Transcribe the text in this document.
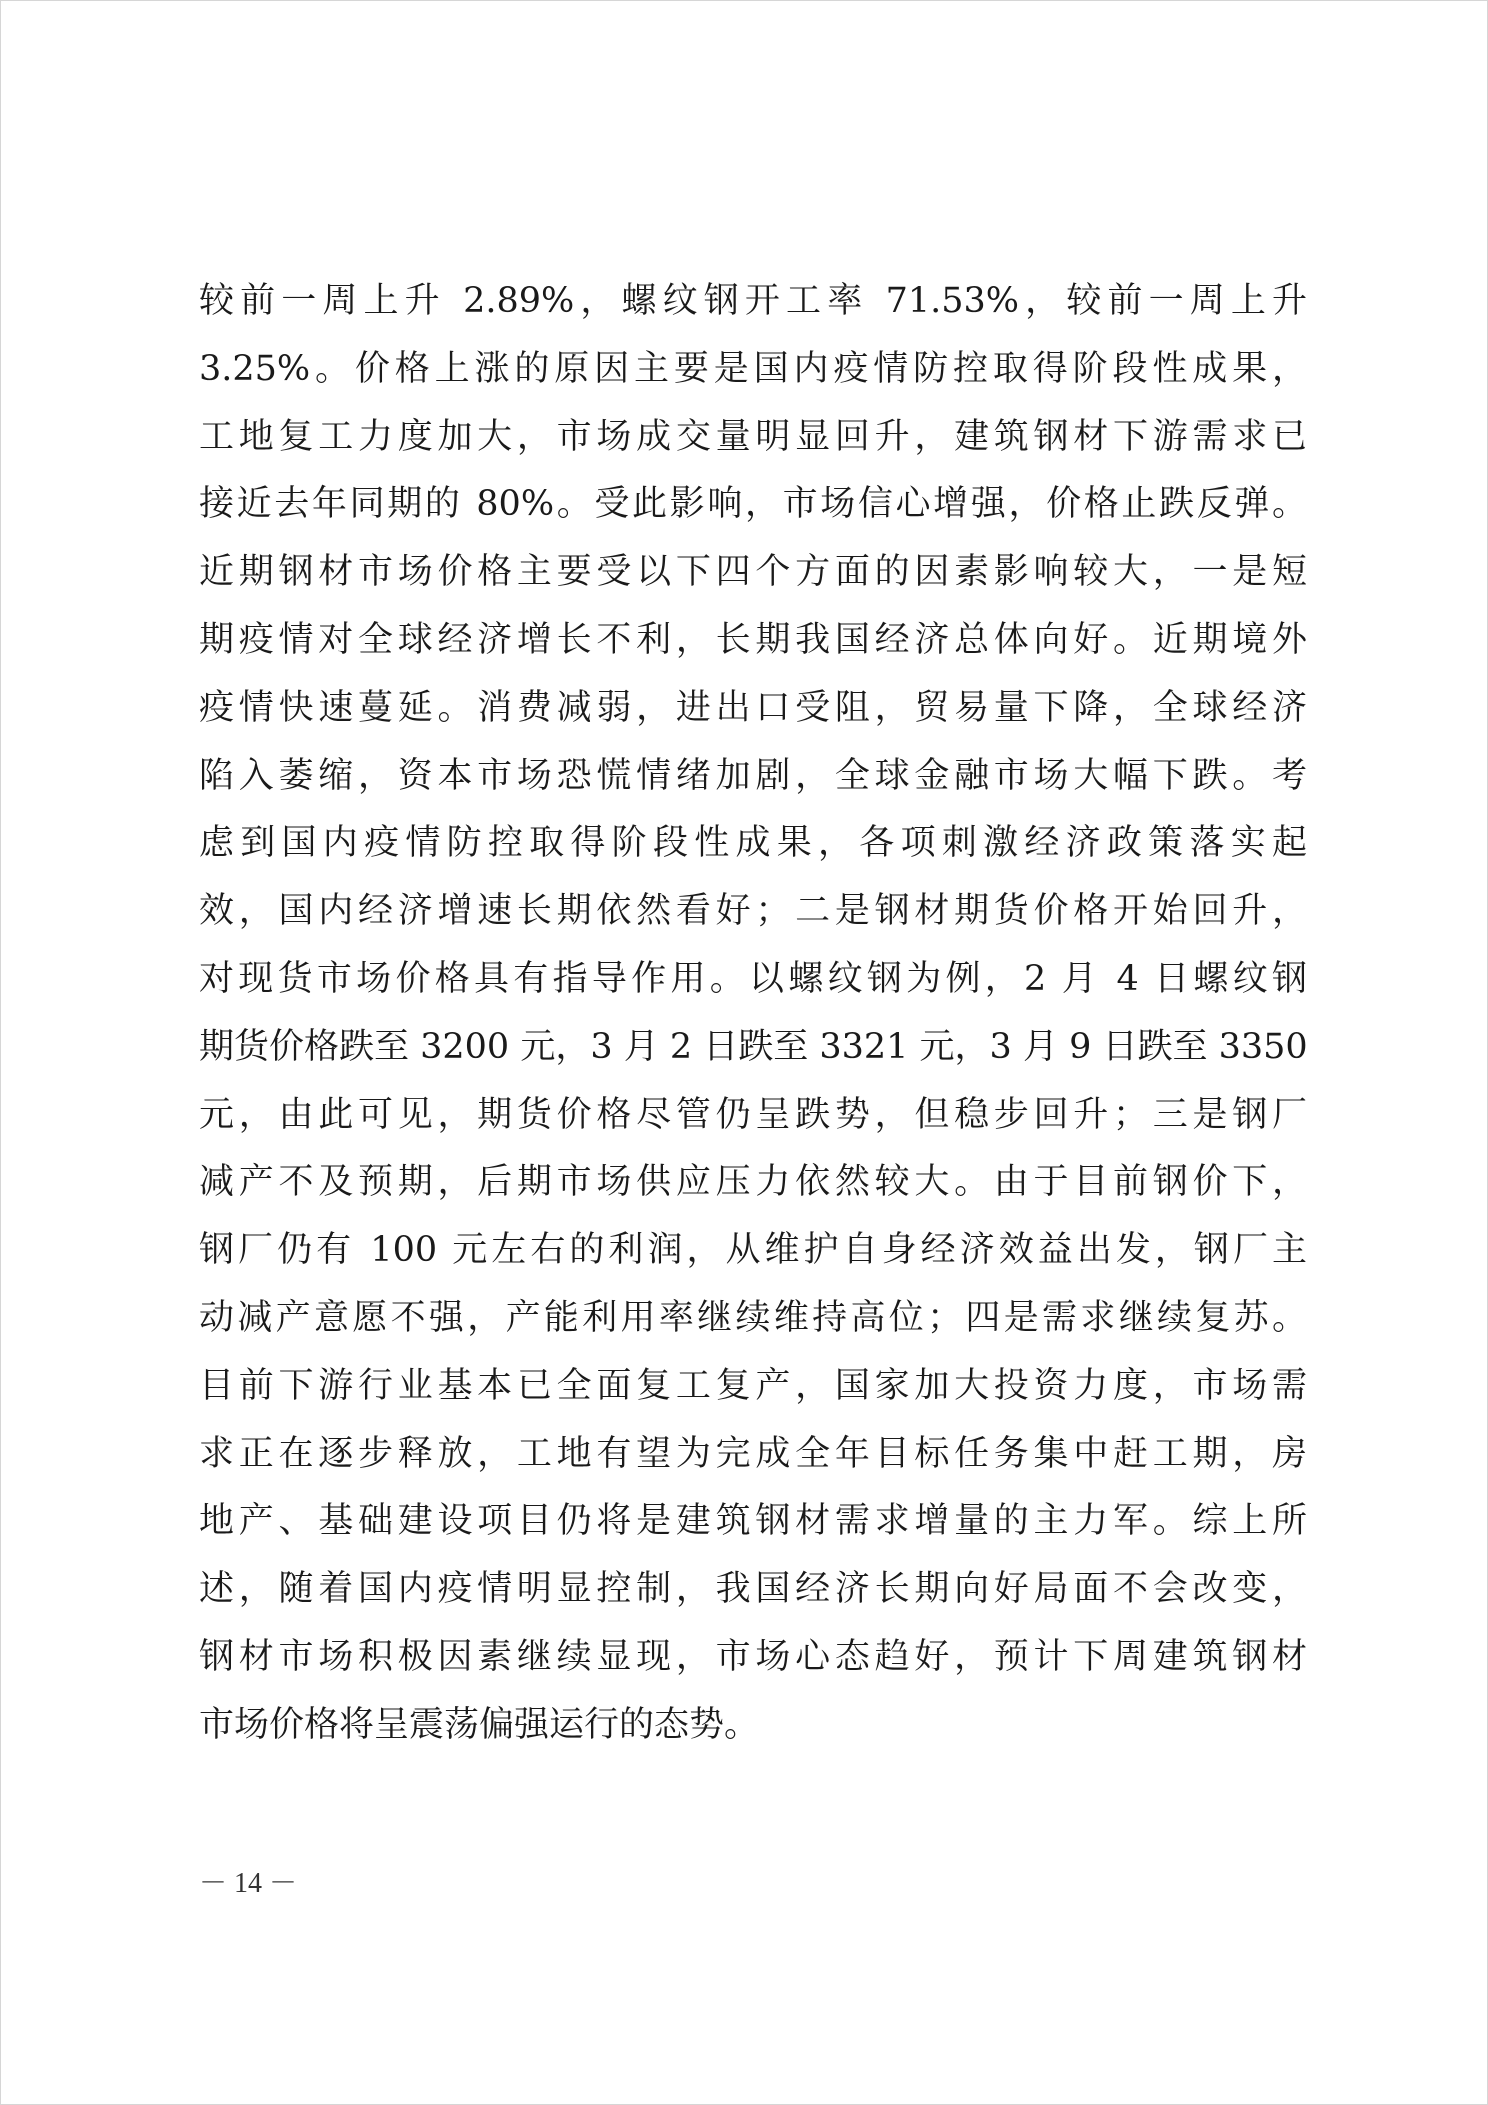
较前一周上升 2.89%，螺纹钢开工率 71.53%，较前一周上升
3.25%。价格上涨的原因主要是国内疫情防控取得阶段性成果，
工地复工力度加大，市场成交量明显回升，建筑钢材下游需求已
接近去年同期的 80%。受此影响，市场信心增强，价格止跌反弹。
近期钢材市场价格主要受以下四个方面的因素影响较大，一是短
期疫情对全球经济增长不利，长期我国经济总体向好。近期境外
疫情快速蔓延。消费减弱，进出口受阻，贸易量下降，全球经济
陷入萎缩，资本市场恐慌情绪加剧，全球金融市场大幅下跌。考
虑到国内疫情防控取得阶段性成果，各项刺激经济政策落实起
效，国内经济增速长期依然看好；二是钢材期货价格开始回升，
对现货市场价格具有指导作用。以螺纹钢为例，2 月 4 日螺纹钢
期货价格跌至 3200 元，3 月 2 日跌至 3321 元，3 月 9 日跌至 3350
元，由此可见，期货价格尽管仍呈跌势，但稳步回升；三是钢厂
减产不及预期，后期市场供应压力依然较大。由于目前钢价下，
钢厂仍有 100 元左右的利润，从维护自身经济效益出发，钢厂主
动减产意愿不强，产能利用率继续维持高位；四是需求继续复苏。
目前下游行业基本已全面复工复产，国家加大投资力度，市场需
求正在逐步释放，工地有望为完成全年目标任务集中赶工期，房
地产、基础建设项目仍将是建筑钢材需求增量的主力军。综上所
述，随着国内疫情明显控制，我国经济长期向好局面不会改变，
钢材市场积极因素继续显现，市场心态趋好，预计下周建筑钢材
市场价格将呈震荡偏强运行的态势。
－ 14 －
